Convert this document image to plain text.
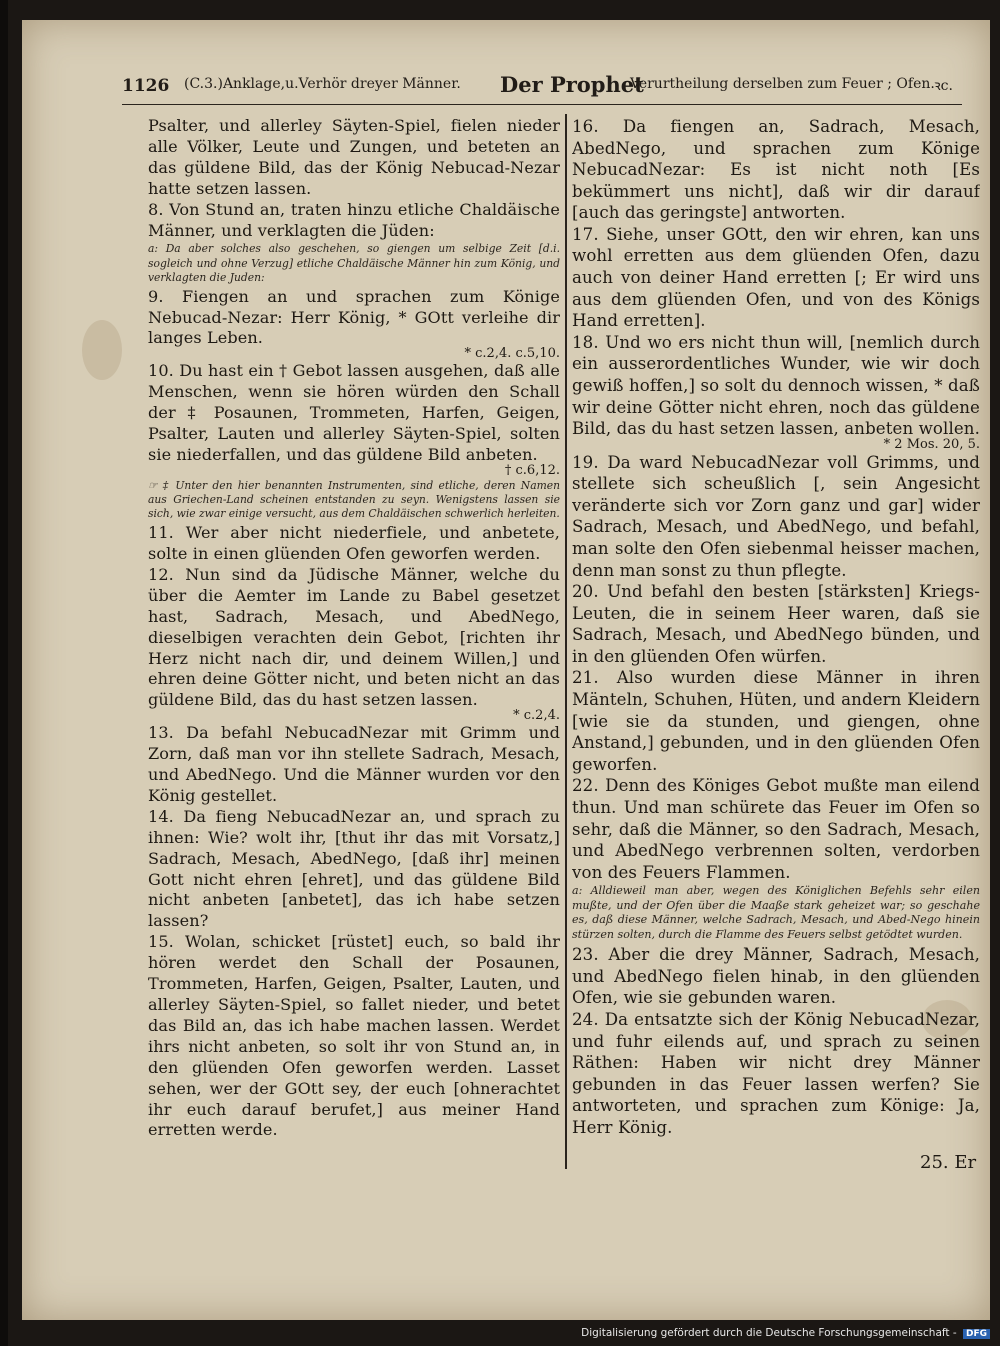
1126 (C.3.)Anklage,u.Verhör dreyer Männer. Der Prophet
Verurtheilung derselben zum Feuer ; Ofen. ꝛc.

Psalter, und allerley Säyten-Spiel, fielen nieder alle Völker, Leute und Zungen, und beteten an das güldene Bild, das der König Nebucad-Nezar hatte setzen lassen.

8. Von Stund an, traten hinzu etliche Chaldäische Männer, und verklagten die Jüden:

a: Da aber solches also geschehen, so giengen um selbige Zeit [d.i. sogleich und ohne Verzug] etliche Chaldäische Männer hin zum König, und verklagten die Juden:

9. Fiengen an und sprachen zum Könige Nebucad-Nezar: Herr König, * GOtt verleihe dir langes Leben.

* c.2,4. c.5,10.

10. Du hast ein † Gebot lassen ausgehen, daß alle Menschen, wenn sie hören würden den Schall der ‡ Posaunen, Trommeten, Harfen, Geigen, Psalter, Lauten und allerley Säyten-Spiel, solten sie niederfallen, und das güldene Bild anbeten.

† c.6,12.

☞ ‡ Unter den hier benannten Instrumenten, sind etliche, deren Namen aus Griechen-Land scheinen entstanden zu seyn. Wenigstens lassen sie sich, wie zwar einige versucht, aus dem Chaldäischen schwerlich herleiten.

11. Wer aber nicht niederfiele, und anbetete, solte in einen glüenden Ofen geworfen werden.

12. Nun sind da Jüdische Männer, welche du über die Aemter im Lande zu Babel gesetzet hast, Sadrach, Mesach, und AbedNego, dieselbigen verachten dein Gebot, [richten ihr Herz nicht nach dir, und deinem Willen,] und ehren deine Götter nicht, und beten nicht an das güldene Bild, das du hast setzen lassen.

* c.2,4.

13. Da befahl NebucadNezar mit Grimm und Zorn, daß man vor ihn stellete Sadrach, Mesach, und AbedNego. Und die Männer wurden vor den König gestellet.

14. Da fieng NebucadNezar an, und sprach zu ihnen: Wie? wolt ihr, [thut ihr das mit Vorsatz,] Sadrach, Mesach, AbedNego, [daß ihr] meinen Gott nicht ehren [ehret], und das güldene Bild nicht anbeten [anbetet], das ich habe setzen lassen?

15. Wolan, schicket [rüstet] euch, so bald ihr hören werdet den Schall der Posaunen, Trommeten, Harfen, Geigen, Psalter, Lauten, und allerley Säyten-Spiel, so fallet nieder, und betet das Bild an, das ich habe machen lassen. Werdet ihrs nicht anbeten, so solt ihr von Stund an, in den glüenden Ofen geworfen werden. Lasset sehen, wer der GOtt sey, der euch [ohnerachtet ihr euch darauf berufet,] aus meiner Hand erretten werde.

16. Da fiengen an, Sadrach, Mesach, AbedNego, und sprachen zum Könige NebucadNezar: Es ist nicht noth [Es bekümmert uns nicht], daß wir dir darauf [auch das geringste] antworten.

17. Siehe, unser GOtt, den wir ehren, kan uns wohl erretten aus dem glüenden Ofen, dazu auch von deiner Hand erretten [; Er wird uns aus dem glüenden Ofen, und von des Königs Hand erretten].

18. Und wo ers nicht thun will, [nemlich durch ein ausserordentliches Wunder, wie wir doch gewiß hoffen,] so solt du dennoch wissen, * daß wir deine Götter nicht ehren, noch das güldene Bild, das du hast setzen lassen, anbeten wollen.

* 2 Mos. 20, 5.

19. Da ward NebucadNezar voll Grimms, und stellete sich scheußlich [, sein Angesicht veränderte sich vor Zorn ganz und gar] wider Sadrach, Mesach, und AbedNego, und befahl, man solte den Ofen siebenmal heisser machen, denn man sonst zu thun pflegte.

20. Und befahl den besten [stärksten] Kriegs-Leuten, die in seinem Heer waren, daß sie Sadrach, Mesach, und AbedNego bünden, und in den glüenden Ofen würfen.

21. Also wurden diese Männer in ihren Mänteln, Schuhen, Hüten, und andern Kleidern [wie sie da stunden, und giengen, ohne Anstand,] gebunden, und in den glüenden Ofen geworfen.

22. Denn des Königes Gebot mußte man eilend thun. Und man schürete das Feuer im Ofen so sehr, daß die Männer, so den Sadrach, Mesach, und AbedNego verbrennen solten, verdorben von des Feuers Flammen.

a: Alldieweil man aber, wegen des Königlichen Befehls sehr eilen mußte, und der Ofen über die Maaße stark geheizet war; so geschahe es, daß diese Männer, welche Sadrach, Mesach, und Abed-Nego hinein stürzen solten, durch die Flamme des Feuers selbst getödtet wurden.

23. Aber die drey Männer, Sadrach, Mesach, und AbedNego fielen hinab, in den glüenden Ofen, wie sie gebunden waren.

24. Da entsatzte sich der König NebucadNezar, und fuhr eilends auf, und sprach zu seinen Räthen: Haben wir nicht drey Männer gebunden in das Feuer lassen werfen? Sie antworteten, und sprachen zum Könige: Ja, Herr König.

25. Er
Digitalisierung gefördert durch die Deutsche Forschungsgemeinschaft - DFG
